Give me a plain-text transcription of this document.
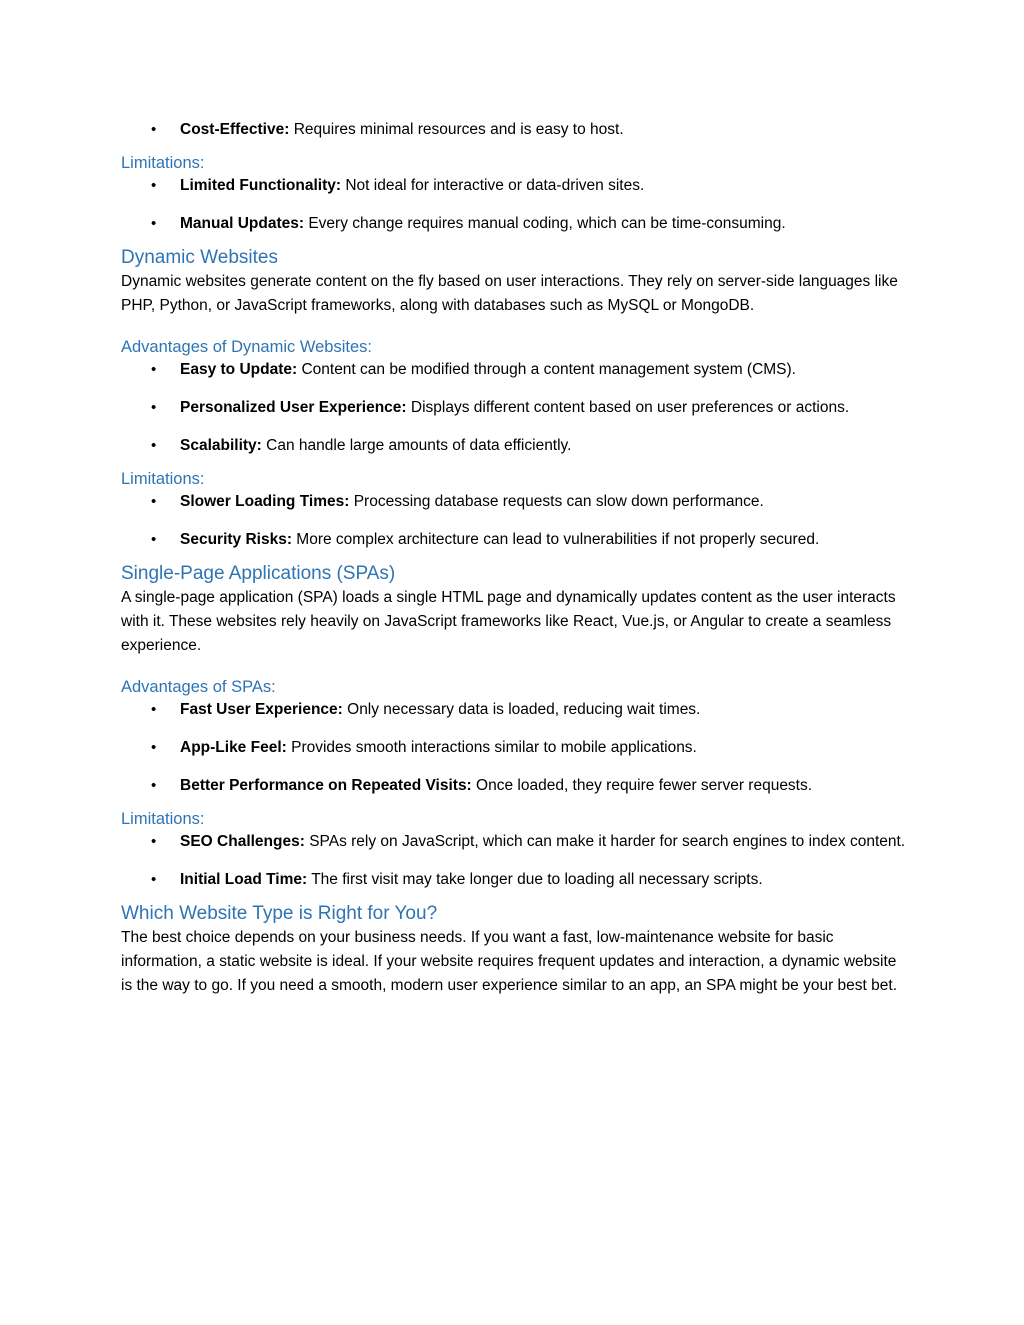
• Cost-Effective: Requires minimal resources and is easy to host.
Limitations:
• Limited Functionality: Not ideal for interactive or data-driven sites.
• Manual Updates: Every change requires manual coding, which can be time-consuming.
Dynamic Websites

Dynamic websites generate content on the fly based on user interactions. They rely on server-side languages like PHP, Python, or JavaScript frameworks, along with databases such as MySQL or MongoDB.

Advantages of Dynamic Websites:
• Easy to Update: Content can be modified through a content management system (CMS).
• Personalized User Experience: Displays different content based on user preferences or actions.
• Scalability: Can handle large amounts of data efficiently.
Limitations:
• Slower Loading Times: Processing database requests can slow down performance.
• Security Risks: More complex architecture can lead to vulnerabilities if not properly secured.
Single-Page Applications (SPAs)

A single-page application (SPA) loads a single HTML page and dynamically updates content as the user interacts with it. These websites rely heavily on JavaScript frameworks like React, Vue.js, or Angular to create a seamless experience.

Advantages of SPAs:
• Fast User Experience: Only necessary data is loaded, reducing wait times.
• App-Like Feel: Provides smooth interactions similar to mobile applications.
• Better Performance on Repeated Visits: Once loaded, they require fewer server requests.
Limitations:
• SEO Challenges: SPAs rely on JavaScript, which can make it harder for search engines to index content.
• Initial Load Time: The first visit may take longer due to loading all necessary scripts.
Which Website Type is Right for You?

The best choice depends on your business needs. If you want a fast, low-maintenance website for basic information, a static website is ideal. If your website requires frequent updates and interaction, a dynamic website is the way to go. If you need a smooth, modern user experience similar to an app, an SPA might be your best bet.
